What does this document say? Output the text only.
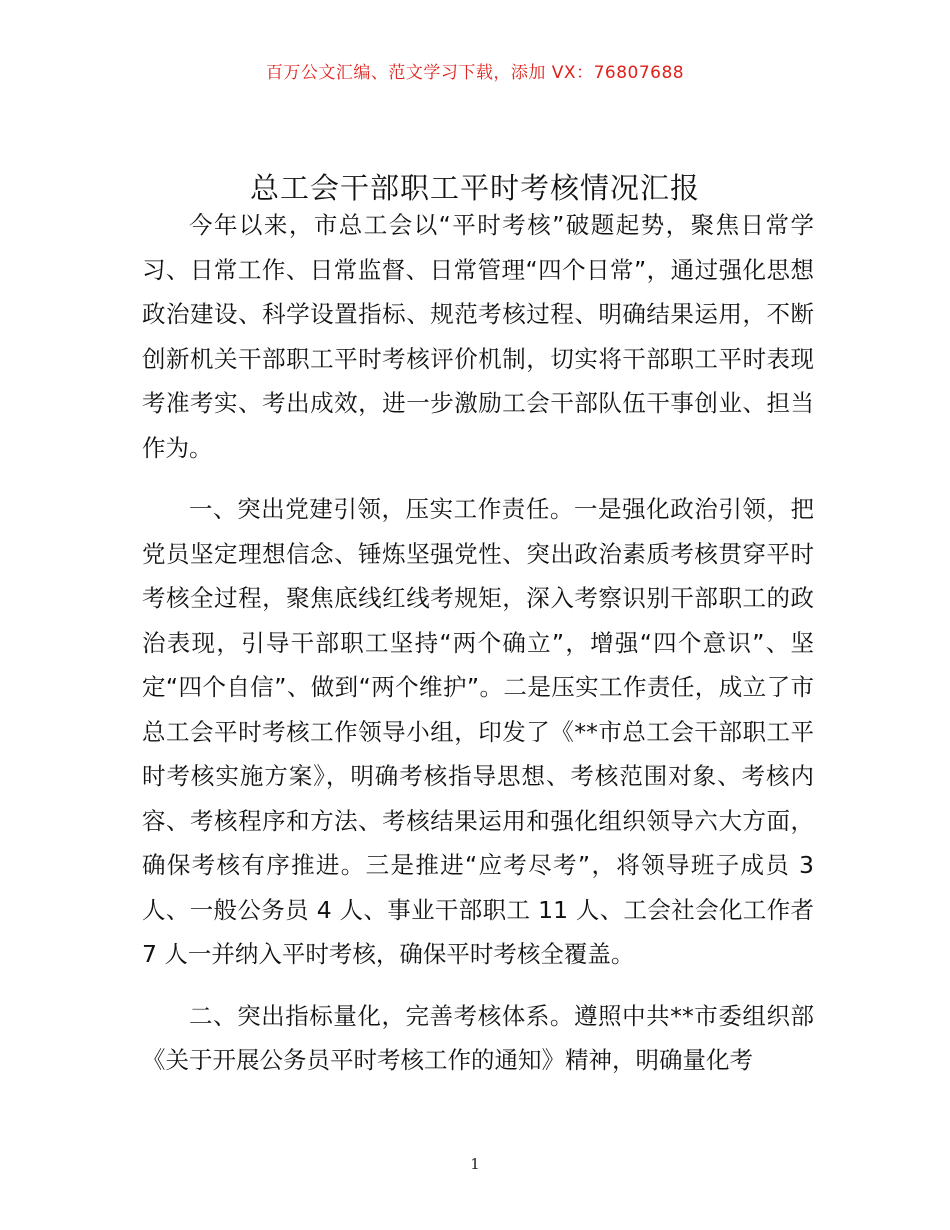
百万公文汇编、范文学习下载，添加 VX：76807688
总工会干部职工平时考核情况汇报

今年以来，市总工会以“平时考核”破题起势，聚焦日常学习、日常工作、日常监督、日常管理“四个日常”，通过强化思想政治建设、科学设置指标、规范考核过程、明确结果运用，不断创新机关干部职工平时考核评价机制，切实将干部职工平时表现考准考实、考出成效，进一步激励工会干部队伍干事创业、担当作为。

一、突出党建引领，压实工作责任。一是强化政治引领，把党员坚定理想信念、锤炼坚强党性、突出政治素质考核贯穿平时考核全过程，聚焦底线红线考规矩，深入考察识别干部职工的政治表现，引导干部职工坚持“两个确立”，增强“四个意识”、坚定“四个自信”、做到“两个维护”。二是压实工作责任，成立了市总工会平时考核工作领导小组，印发了《**市总工会干部职工平时考核实施方案》，明确考核指导思想、考核范围对象、考核内容、考核程序和方法、考核结果运用和强化组织领导六大方面，确保考核有序推进。三是推进“应考尽考”，将领导班子成员 3 人、一般公务员 4 人、事业干部职工 11 人、工会社会化工作者 7 人一并纳入平时考核，确保平时考核全覆盖。

二、突出指标量化，完善考核体系。遵照中共**市委组织部《关于开展公务员平时考核工作的通知》精神，明确量化考

1
